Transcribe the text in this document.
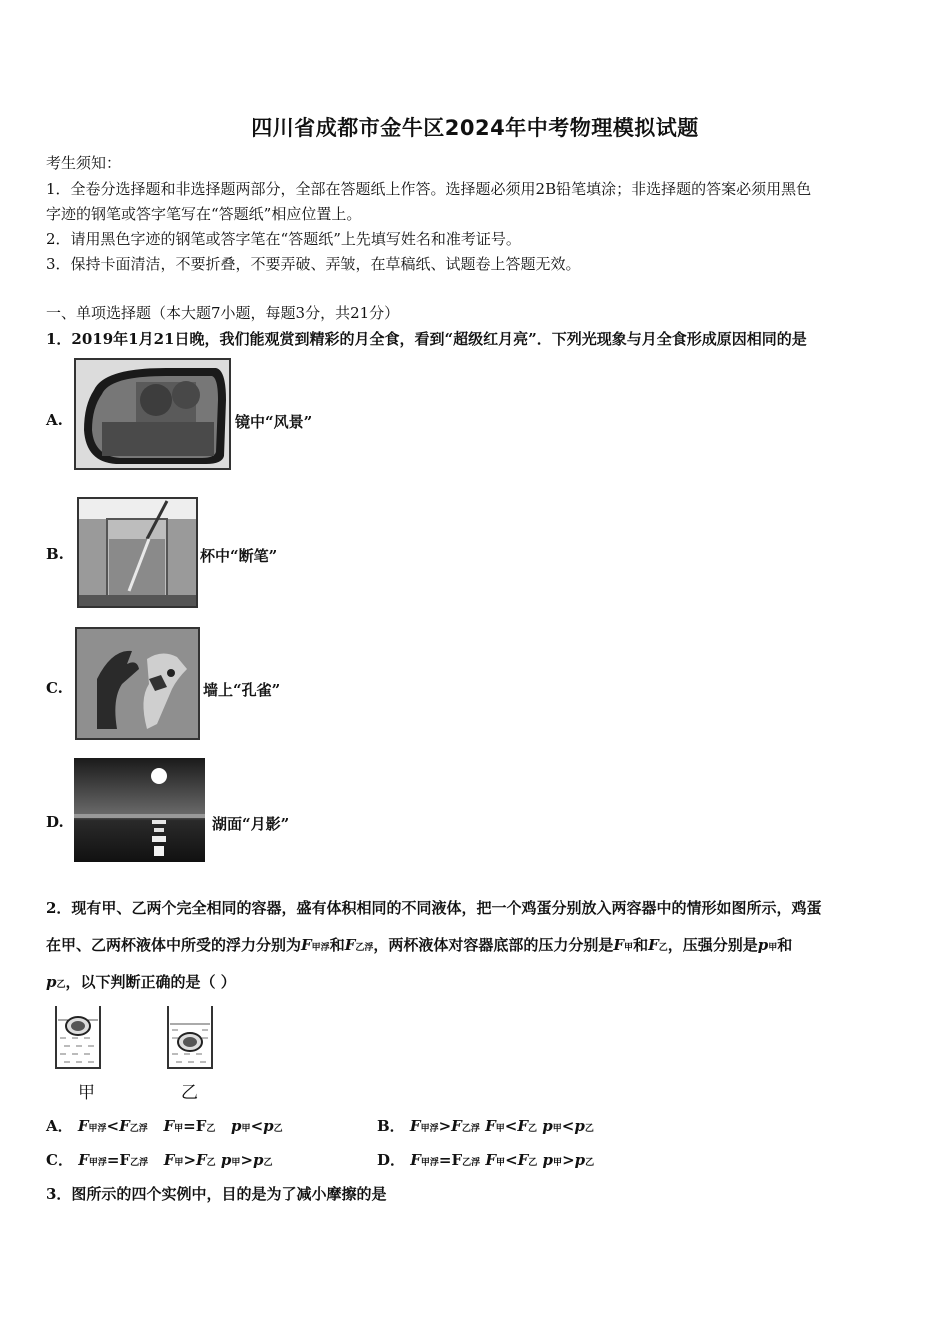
四川省成都市金牛区2024年中考物理模拟试题
考生须知：
1．全卷分选择题和非选择题两部分，全部在答题纸上作答。选择题必须用2B铅笔填涂；非选择题的答案必须用黑色
字迹的钢笔或答字笔写在“答题纸”相应位置上。
2．请用黑色字迹的钢笔或答字笔在“答题纸”上先填写姓名和准考证号。
3．保持卡面清洁，不要折叠，不要弄破、弄皱，在草稿纸、试题卷上答题无效。
一、单项选择题（本大题7小题，每题3分，共21分）
1．2019年1月21日晚，我们能观赏到精彩的月全食，看到“超级红月亮”．下列光现象与月全食形成原因相同的是
A.	镜中“风景”
B.	杯中“断笔”
C.	墙上“孔雀”
D.	湖面“月影”
2．现有甲、乙两个完全相同的容器，盛有体积相同的不同液体，把一个鸡蛋分别放入两容器中的情形如图所示，鸡蛋
在甲、乙两杯液体中所受的浮力分别为F甲浮和F乙浮，两杯液体对容器底部的压力分别是F甲和F乙，压强分别是p甲和
p乙，以下判断正确的是（ ）
甲	乙
A． F甲浮<F乙浮 F甲=F乙 p甲<p乙	B． F甲浮>F乙浮 F甲<F乙 p甲<p乙
C． F甲浮=F乙浮 F甲>F乙 p甲>p乙	D． F甲浮=F乙浮 F甲<F乙 p甲>p乙
3．图所示的四个实例中，目的是为了减小摩擦的是
